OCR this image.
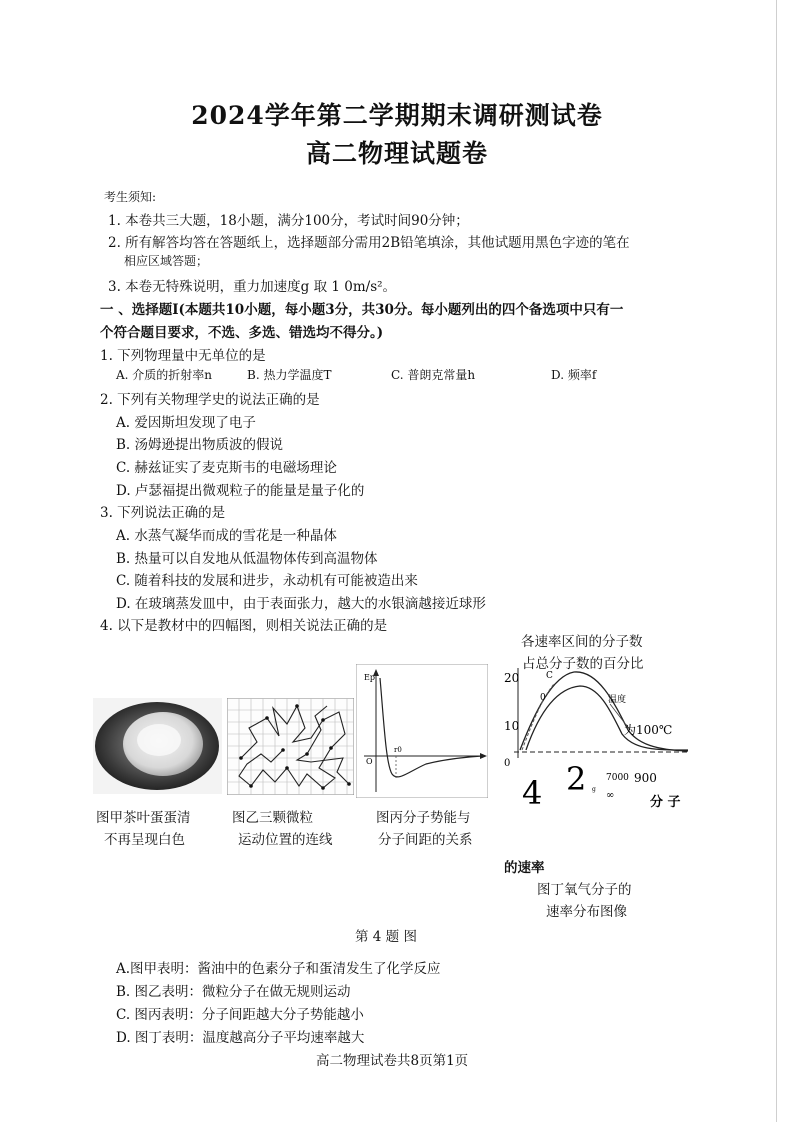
2024学年第二学期期末调研测试卷
高二物理试题卷
考生须知:
1. 本卷共三大题，18小题，满分100分，考试时间90分钟；
2. 所有解答均答在答题纸上，选择题部分需用2B铅笔填涂，其他试题用黑色字迹的笔在
相应区域答题；
3. 本卷无特殊说明，重力加速度g 取 1 0m/s²。
一 、选择题I(本题共10小题，每小题3分，共30分。每小题列出的四个备选项中只有一
个符合题目要求，不选、多选、错选均不得分。)
1. 下列物理量中无单位的是
A. 介质的折射率n	B. 热力学温度T	C. 普朗克常量h	D. 频率f
2. 下列有关物理学史的说法正确的是
A. 爱因斯坦发现了电子
B. 汤姆逊提出物质波的假说
C. 赫兹证实了麦克斯韦的电磁场理论
D. 卢瑟福提出微观粒子的能量是量子化的
3. 下列说法正确的是
A. 水蒸气凝华而成的雪花是一种晶体
B. 热量可以自发地从低温物体传到高温物体
C. 随着科技的发展和进步，永动机有可能被造出来
D. 在玻璃蒸发皿中，由于表面张力，越大的水银滴越接近球形
4. 以下是教材中的四幅图，则相关说法正确的是
图甲茶叶蛋蛋清
不再呈现白色
图乙三颗微粒
运动位置的连线
Ep
O
r0
图丙分子势能与
分子间距的关系
各速率区间的分子数
占总分子数的百分比
20
10
0
C
0	温度
为100℃
4 2 g
7000 900
∞	分 子
的速率
图丁氧气分子的
速率分布图像
第 4 题 图
A.图甲表明：酱油中的色素分子和蛋清发生了化学反应
B. 图乙表明：微粒分子在做无规则运动
C. 图丙表明：分子间距越大分子势能越小
D. 图丁表明：温度越高分子平均速率越大
高二物理试卷共8页第1页
